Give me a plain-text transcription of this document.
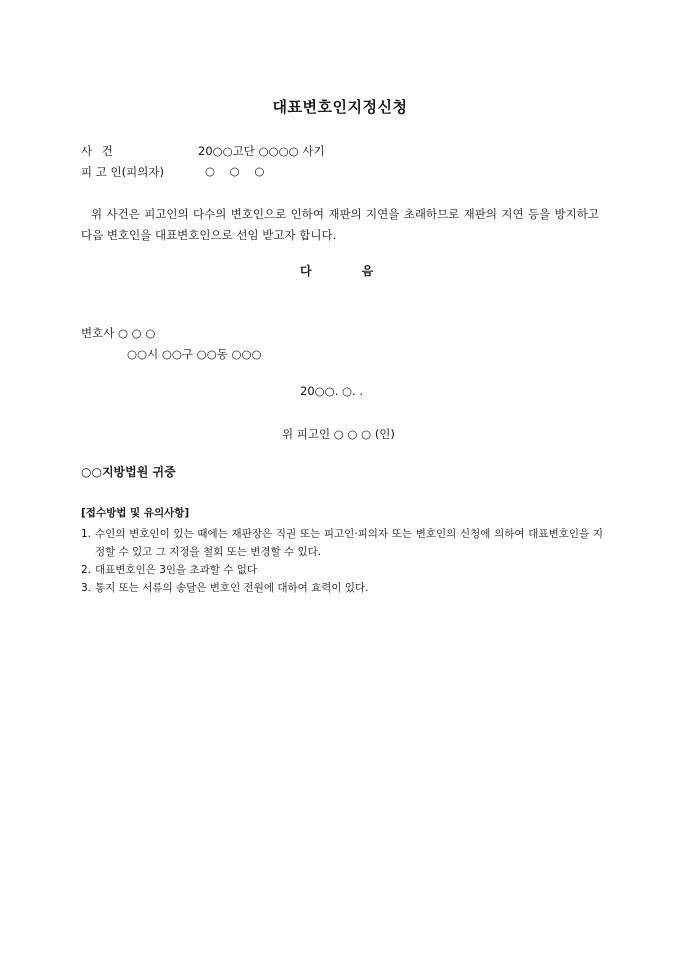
대표변호인지정신청
사 건	20○○고단 ○○○○ 사기
피 고 인(피의자)	○    ○    ○
위 사건은 피고인의 다수의 변호인으로 인하여 재판의 지연을 초래하므로 재판의 지연 등을 방지하고 다음 변호인을 대표변호인으로 선임 받고자 합니다.
다	음
변호사 ○ ○ ○
○○시 ○○구 ○○동 ○○○
20○○. ○. .
위 피고인 ○ ○ ○ (인)
○○지방법원 귀중
[접수방법 및 유의사항]
1. 수인의 변호인이 있는 때에는 재판장은 직권 또는 피고인·피의자 또는 변호인의 신청에 의하여 대표변호인을 지정할 수 있고 그 지정을 철회 또는 변경할 수 있다.
2. 대표변호인은 3인을 초과할 수 없다
3. 통지 또는 서류의 송달은 변호인 전원에 대하여 효력이 있다.
